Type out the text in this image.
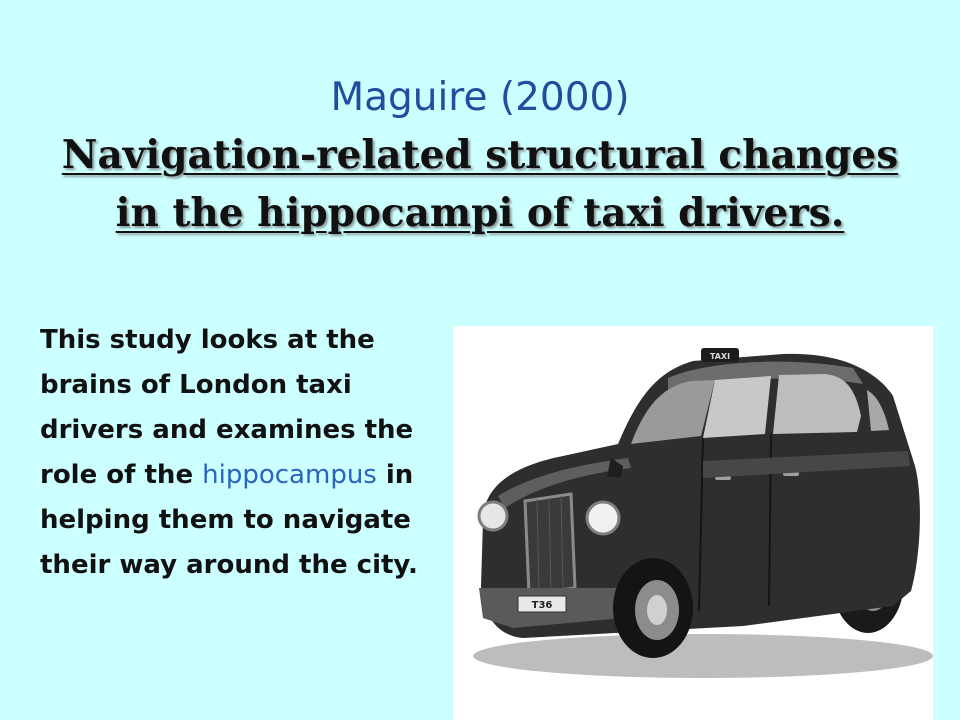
Maguire (2000)
Navigation-related structural changes in the hippocampi of taxi drivers.

This study looks at the brains of London taxi drivers and examines the role of the hippocampus in helping them to navigate their way around the city.

TAXI
T36
